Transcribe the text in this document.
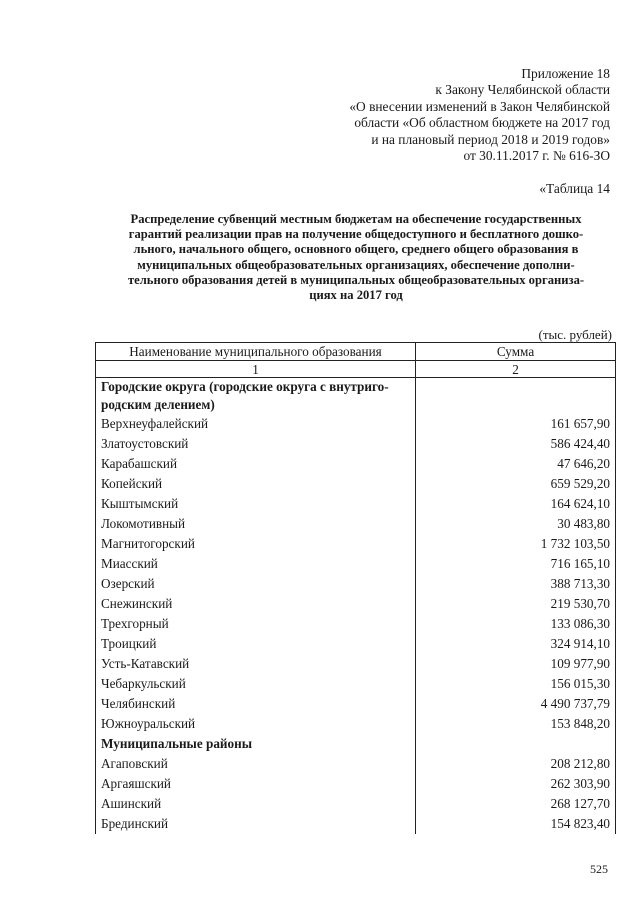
Приложение 18
к Закону Челябинской области
«О внесении изменений в Закон Челябинской
области «Об областном бюджете на 2017 год
и на плановый период 2018 и 2019 годов»
от 30.11.2017 г. № 616-ЗО
«Таблица 14
Распределение субвенций местным бюджетам на обеспечение государственных
гарантий реализации прав на получение общедоступного и бесплатного дошко-
льного, начального общего, основного общего, среднего общего образования в
муниципальных общеобразовательных организациях, обеспечение дополни-
тельного образования детей в муниципальных общеобразовательных организа-
циях на 2017 год
(тыс. рублей)
Наименование муниципального образования	Сумма
1	2
Городские округа (городские округа с внутриго-родским делением)	
Верхнеуфалейский	161 657,90
Златоустовский	586 424,40
Карабашский	47 646,20
Копейский	659 529,20
Кыштымский	164 624,10
Локомотивный	30 483,80
Магнитогорский	1 732 103,50
Миасский	716 165,10
Озерский	388 713,30
Снежинский	219 530,70
Трехгорный	133 086,30
Троицкий	324 914,10
Усть-Катавский	109 977,90
Чебаркульский	156 015,30
Челябинский	4 490 737,79
Южноуральский	153 848,20
Муниципальные районы	
Агаповский	208 212,80
Аргаяшский	262 303,90
Ашинский	268 127,70
Брединский	154 823,40
525
